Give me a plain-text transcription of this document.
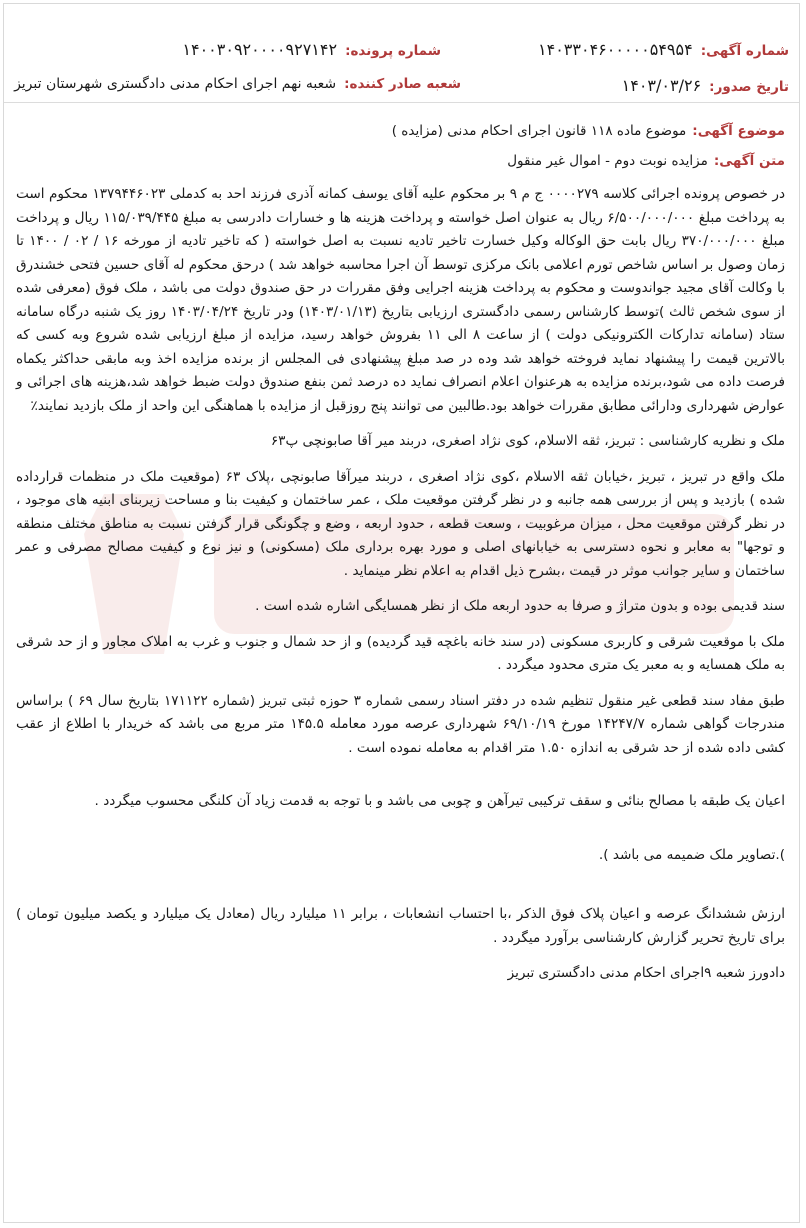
شماره آگهی:
۱۴۰۳۳۰۴۶۰۰۰۰۰۵۴۹۵۴
شماره پرونده:
۱۴۰۰۳۰۹۲۰۰۰۰۹۲۷۱۴۲
تاریخ صدور:
۱۴۰۳/۰۳/۲۶
شعبه صادر کننده:
شعبه نهم اجرای احکام مدنی دادگستری شهرستان تبریز
موضوع آگهی:
موضوع ماده ۱۱۸ قانون اجرای احکام مدنی (مزایده )
متن آگهی:
مزایده نوبت دوم - اموال غیر منقول

در خصوص پرونده اجرائی کلاسه ۰۰۰۰۲۷۹ ج م ۹ بر محکوم علیه آقای یوسف کمانه آذری فرزند احد به کدملی ۱۳۷۹۴۴۶۰۲۳ محکوم است به پرداخت مبلغ ۶/۵۰۰/۰۰۰/۰۰۰ ریال به عنوان اصل خواسته و پرداخت هزینه ها و خسارات دادرسی به مبلغ ۱۱۵/۰۳۹/۴۴۵ ریال و پرداخت مبلغ ۳۷۰/۰۰۰/۰۰۰ ریال بابت حق الوکاله وکیل خسارت تاخیر تادیه نسبت به اصل خواسته ( که تاخیر تادیه از مورخه ۱۶ / ۰۲ / ۱۴۰۰ تا زمان وصول بر اساس شاخص تورم اعلامی بانک مرکزی توسط آن اجرا محاسبه خواهد شد ) درحق محکوم له آقای حسین فتحی خشندرق با وکالت آقای مجید جواندوست و محکوم به پرداخت هزینه اجرایی وفق مقررات در حق صندوق دولت می باشد ، ملک فوق (معرفی شده از سوی شخص ثالث )توسط کارشناس رسمی دادگستری ارزیابی بتاریخ (۱۴۰۳/۰۱/۱۳) ودر تاریخ ۱۴۰۳/۰۴/۲۴ روز یک شنبه درگاه سامانه ستاد (سامانه تدارکات الکترونیکی دولت ) از ساعت ۸ الی ۱۱ بفروش خواهد رسید، مزایده از مبلغ ارزیابی شده شروع وبه کسی که بالاترین قیمت را پیشنهاد نماید فروخته خواهد شد وده در صد مبلغ پیشنهادی فی المجلس از برنده مزایده اخذ وبه مابقی حداکثر یکماه فرصت داده می شود،برنده مزایده به هرعنوان اعلام انصراف نماید ده درصد ثمن بنفع صندوق دولت ضبط خواهد شد،هزینه های اجرائی و عوارض شهرداری ودارائی مطابق مقررات خواهد بود.طالبین می توانند پنج روزقبل از مزایده با هماهنگی این واحد از ملک بازدید نمایند٪

ملک و نظریه کارشناسی : تبریز، ثقه الاسلام، کوی نژاد اصغری، دربند میر آقا صابونچی پ۶۳

ملک واقع در تبریز ، تبریز ،خیابان ثقه الاسلام ،کوی نژاد اصغری ، دربند میرآقا صابونچی ،پلاک ۶۳ (موقعیت ملک در منظمات قرارداده شده ) بازدید و پس از بررسی همه جانبه و در نظر گرفتن موقعیت ملک ، عمر ساختمان و کیفیت بنا و مساحت زیربنای ابنیه های موجود ، در نظر گرفتن موقعیت محل ، میزان مرغوبیت ، وسعت قطعه ، حدود اربعه ، وضع و چگونگی قرار گرفتن نسبت به مناطق مختلف منطقه و توجها" به معابر و نحوه دسترسی به خیابانهای اصلی و مورد بهره برداری ملک (مسکونی) و نیز نوع و کیفیت مصالح مصرفی و عمر ساختمان و سایر جوانب موثر در قیمت ،بشرح ذیل اقدام به اعلام نظر مینماید .

سند قدیمی بوده و بدون متراژ و صرفا به حدود اربعه ملک از نظر همسایگی اشاره شده است .

ملک با موقعیت شرقی و کاربری مسکونی (در سند خانه باغچه قید گردیده) و از حد شمال و جنوب و غرب به املاک مجاور و از حد شرقی به ملک همسایه و به معبر یک متری محدود میگردد .

طبق مفاد سند قطعی غیر منقول تنظیم شده در دفتر اسناد رسمی شماره ۳ حوزه ثبتی تبریز (شماره ۱۷۱۱۲۲ بتاریخ سال ۶۹ ) براساس مندرجات گواهی شماره ۱۴۲۴۷/۷ مورخ ۶۹/۱۰/۱۹ شهرداری عرصه مورد معامله ۱۴۵.۵ متر مربع می باشد که خریدار با اطلاع از عقب کشی داده شده از حد شرقی به اندازه ۱.۵۰ متر اقدام به معامله نموده است .

اعیان یک طبقه با مصالح بنائی و سقف ترکیبی تیرآهن و چوبی می باشد و با توجه به قدمت زیاد آن کلنگی محسوب میگردد .

).تصاویر ملک ضمیمه می باشد ).

ارزش ششدانگ عرصه و اعیان پلاک فوق الذکر ،با احتساب انشعابات ، برابر ۱۱ میلیارد ریال (معادل یک میلیارد و یکصد میلیون تومان ) برای تاریخ تحریر گزارش کارشناسی برآورد میگردد .

دادورز شعبه ۹اجرای احکام مدنی دادگستری تبریز
